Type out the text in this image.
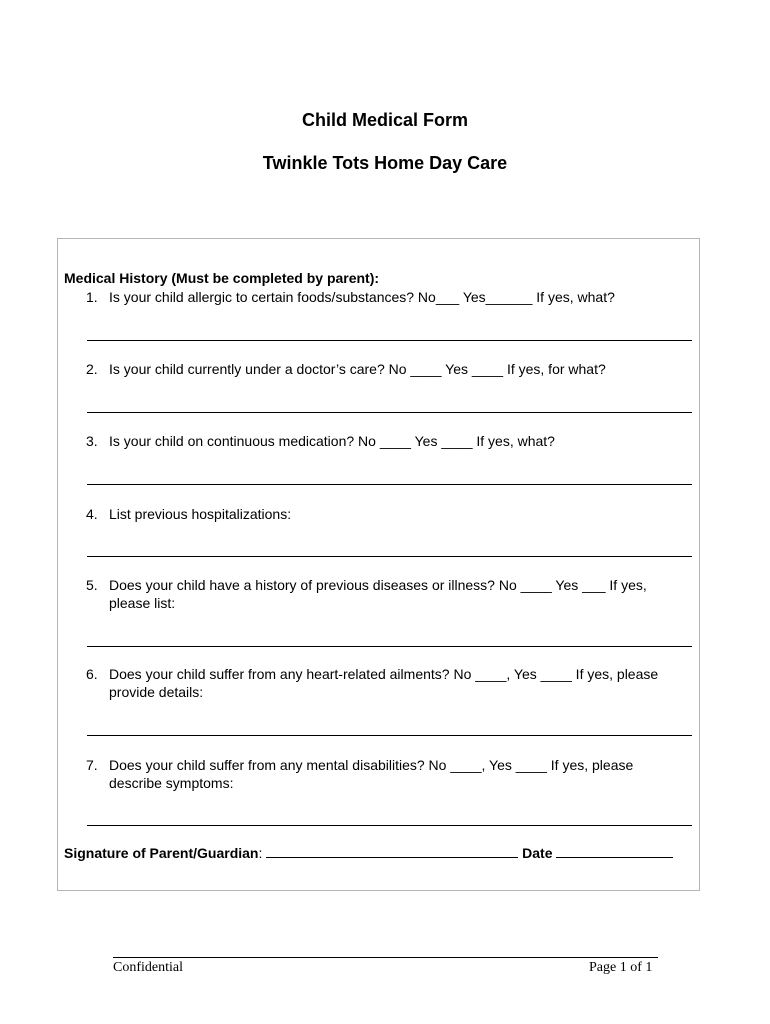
Child Medical Form
Twinkle Tots Home Day Care
Medical History (Must be completed by parent):
1. Is your child allergic to certain foods/substances? No___ Yes______ If yes, what?
2. Is your child currently under a doctor’s care? No ____ Yes ____ If yes, for what?
3. Is your child on continuous medication? No ____ Yes ____ If yes, what?
4. List previous hospitalizations:
5. Does your child have a history of previous diseases or illness? No ____ Yes ___ If yes, please list:
6. Does your child suffer from any heart-related ailments? No ____, Yes ____ If yes, please provide details:
7. Does your child suffer from any mental disabilities? No ____, Yes ____ If yes, please describe symptoms:
Signature of Parent/Guardian:	Date
Confidential	Page 1 of 1
